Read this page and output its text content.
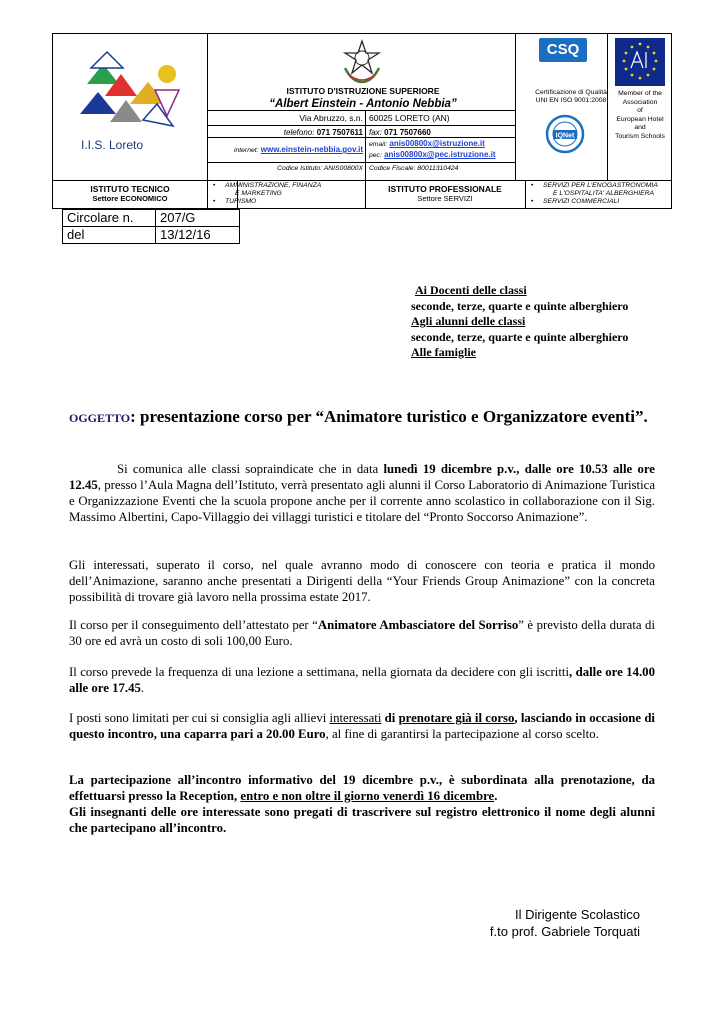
I.I.S. Loreto
ISTITUTO D'ISTRUZIONE SUPERIORE
“Albert Einstein - Antonio Nebbia”
Via Abruzzo, s.n. 60025 LORETO (AN)
telefono: 071 7507611 fax: 071 7507660
internet: www.einstein-nebbia.gov.it
email: anis00800x@istruzione.it
pec: anis00800x@pec.istruzione.it
Codice Istituto: ANIS00800X Codice Fiscale: 80011310424
CSQ
Certificazione di Qualità
UNI EN ISO 9001:2008
IQNet
Member of the
Association
of
European Hotel
and
Tourism Schools
ISTITUTO TECNICO
Settore ECONOMICO
• AMMINISTRAZIONE, FINANZA
E MARKETING
• TURISMO
ISTITUTO PROFESSIONALE
Settore SERVIZI
• SERVIZI PER L'ENOGASTRONOMIA
E L'OSPITALITA' ALBERGHIERA
• SERVIZI COMMERCIALI
Circolare n.	207/G
del	13/12/16
Ai Docenti delle classi
seconde, terze, quarte e quinte alberghiero
Agli alunni delle classi
seconde, terze, quarte e quinte alberghiero
Alle famiglie
OGGETTO: presentazione corso per “Animatore turistico e Organizzatore eventi”.
Si comunica alle classi sopraindicate che in data lunedì 19 dicembre p.v., dalle ore 10.53 alle ore 12.45, presso l’Aula Magna dell’Istituto, verrà presentato agli alunni il Corso Laboratorio di Animazione Turistica e Organizzazione Eventi che la scuola propone anche per il corrente anno scolastico in collaborazione con il Sig. Massimo Albertini, Capo-Villaggio dei villaggi turistici e titolare del “Pronto Soccorso Animazione”.
Gli interessati, superato il corso, nel quale avranno modo di conoscere con teoria e pratica il mondo dell’Animazione, saranno anche presentati a Dirigenti della “Your Friends Group Animazione” con la concreta possibilità di trovare già lavoro nella prossima estate 2017.
Il corso per il conseguimento dell’attestato per “Animatore Ambasciatore del Sorriso” è previsto della durata di 30 ore ed avrà un costo di soli 100,00 Euro.
Il corso prevede la frequenza di una lezione a settimana, nella giornata da decidere con gli iscritti, dalle ore 14.00 alle ore 17.45.
I posti sono limitati per cui si consiglia agli allievi interessati di prenotare già il corso, lasciando in occasione di questo incontro, una caparra pari a 20.00 Euro, al fine di garantirsi la partecipazione al corso scelto.
La partecipazione all’incontro informativo del 19 dicembre p.v., è subordinata alla prenotazione, da effettuarsi presso la Reception, entro e non oltre il giorno venerdì 16 dicembre.
Gli insegnanti delle ore interessate sono pregati di trascrivere sul registro elettronico il nome degli alunni che partecipano all’incontro.
Il Dirigente Scolastico
f.to prof. Gabriele Torquati
